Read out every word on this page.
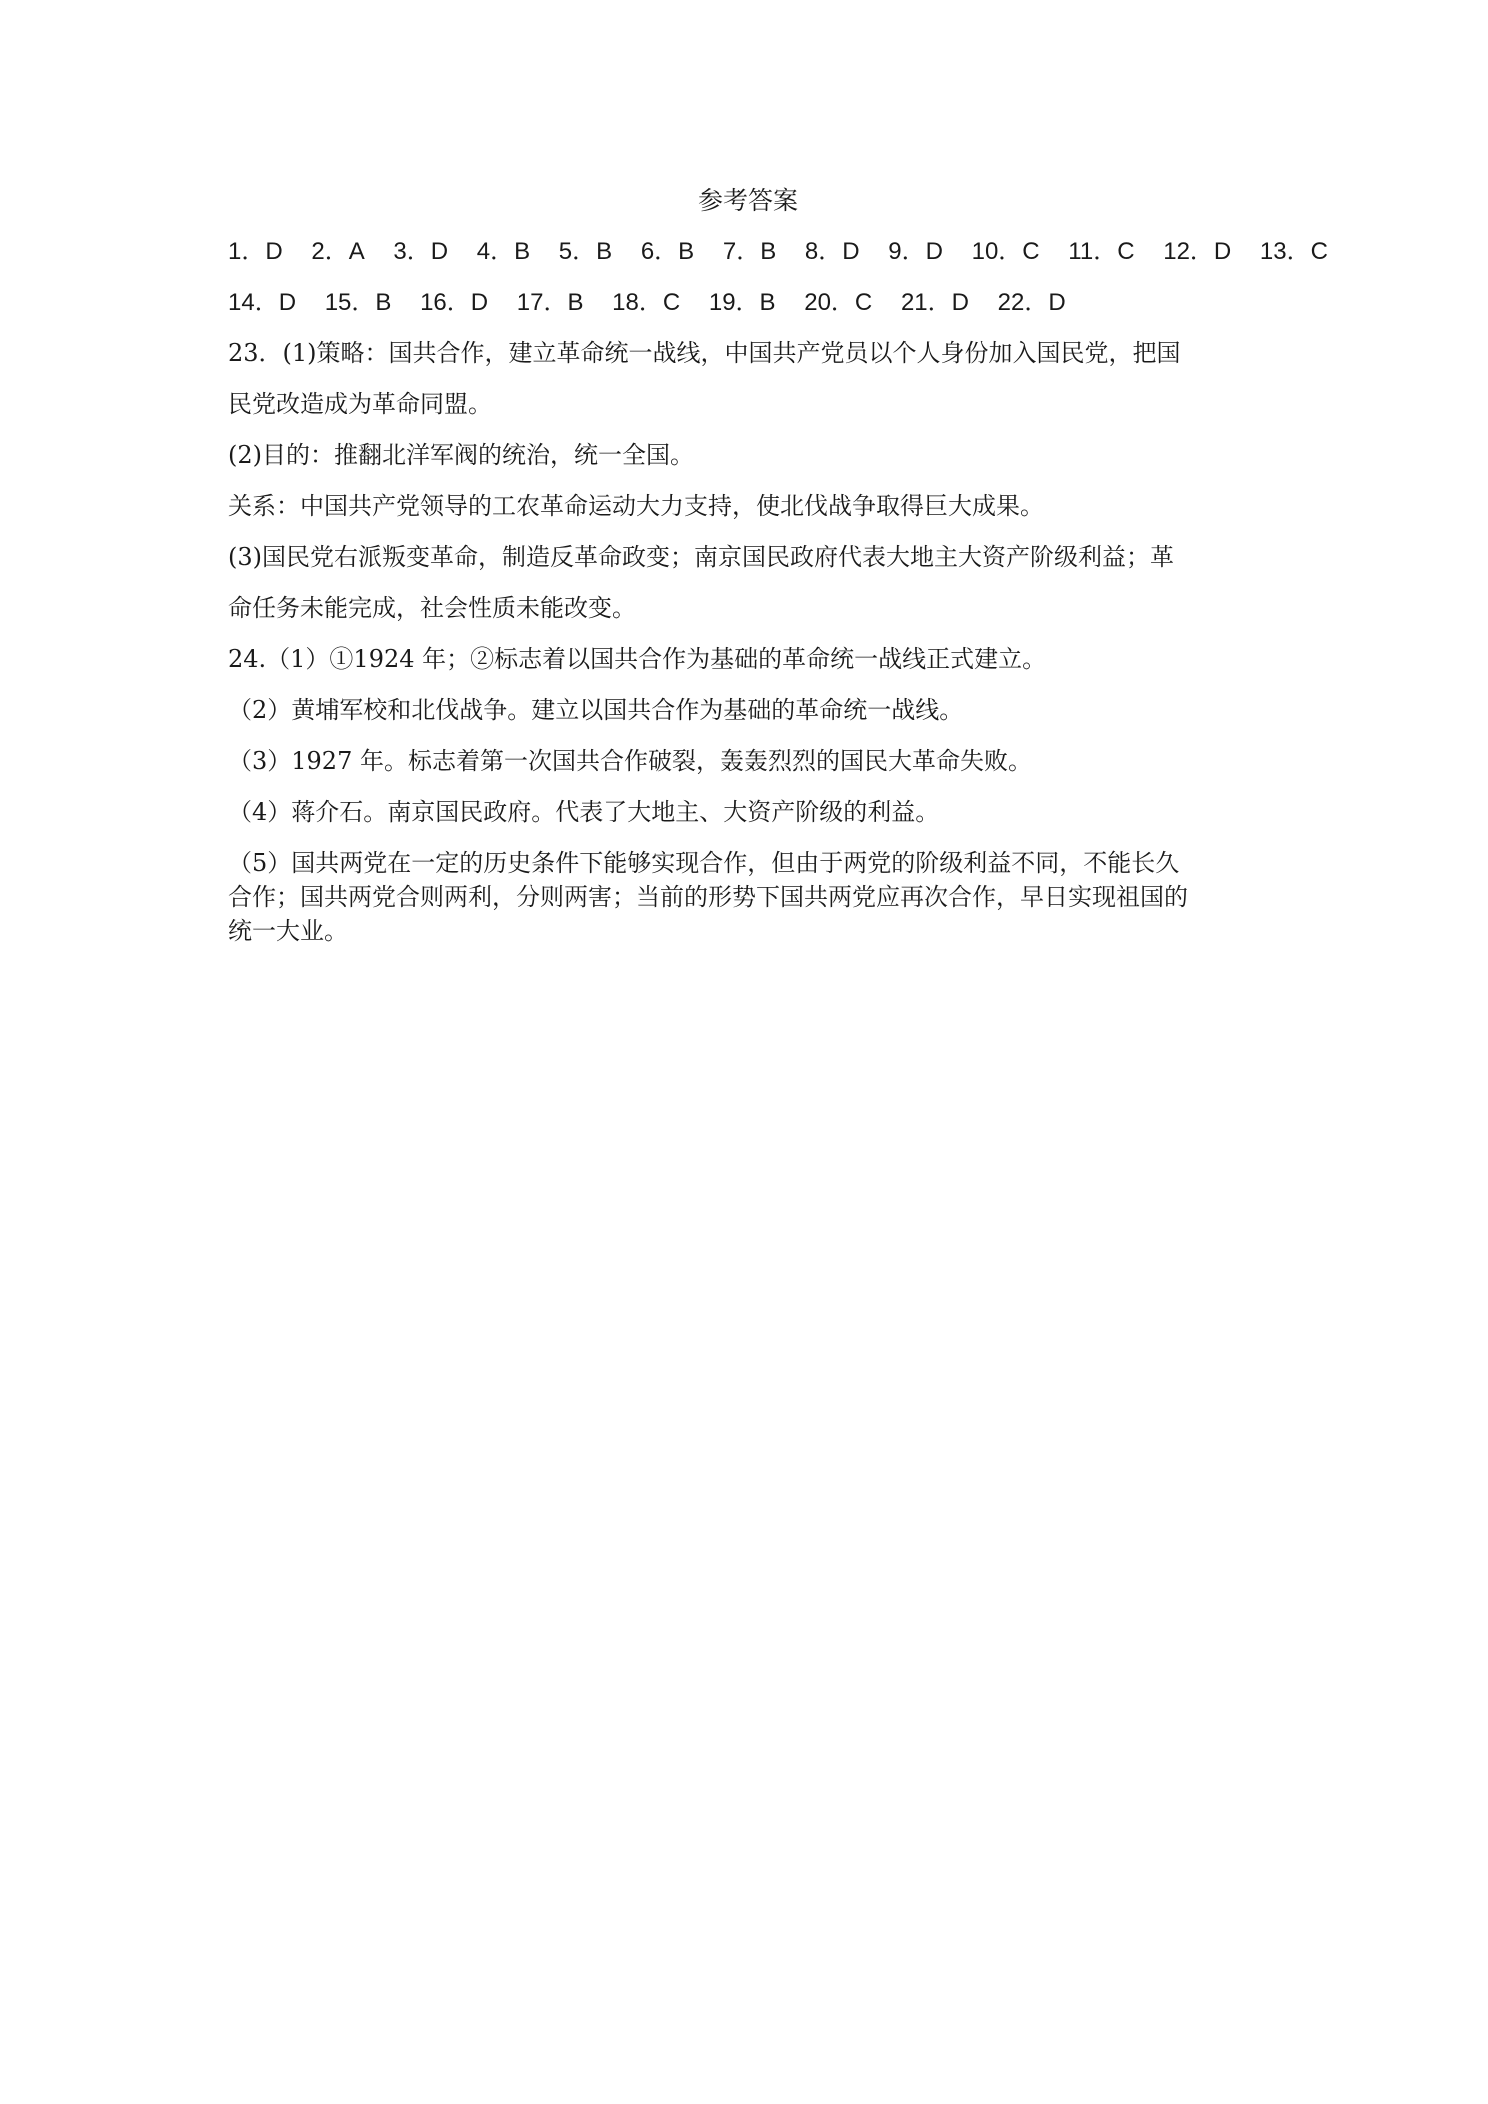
参考答案
1．D 2．A 3．D 4．B 5．B 6．B 7．B 8．D 9．D 10．C 11．C 12．D 13．C
14．D 15．B 16．D 17．B 18．C 19．B 20．C 21．D 22．D
23．(1)策略：国共合作，建立革命统一战线，中国共产党员以个人身份加入国民党，把国
民党改造成为革命同盟。
(2)目的：推翻北洋军阀的统治，统一全国。
关系：中国共产党领导的工农革命运动大力支持，使北伐战争取得巨大成果。
(3)国民党右派叛变革命，制造反革命政变；南京国民政府代表大地主大资产阶级利益；革
命任务未能完成，社会性质未能改变。
24.（1）①1924 年；②标志着以国共合作为基础的革命统一战线正式建立。
（2）黄埔军校和北伐战争。建立以国共合作为基础的革命统一战线。
（3）1927 年。标志着第一次国共合作破裂，轰轰烈烈的国民大革命失败。
（4）蒋介石。南京国民政府。代表了大地主、大资产阶级的利益。
（5）国共两党在一定的历史条件下能够实现合作，但由于两党的阶级利益不同，不能长久
合作；国共两党合则两利，分则两害；当前的形势下国共两党应再次合作，早日实现祖国的
统一大业。
